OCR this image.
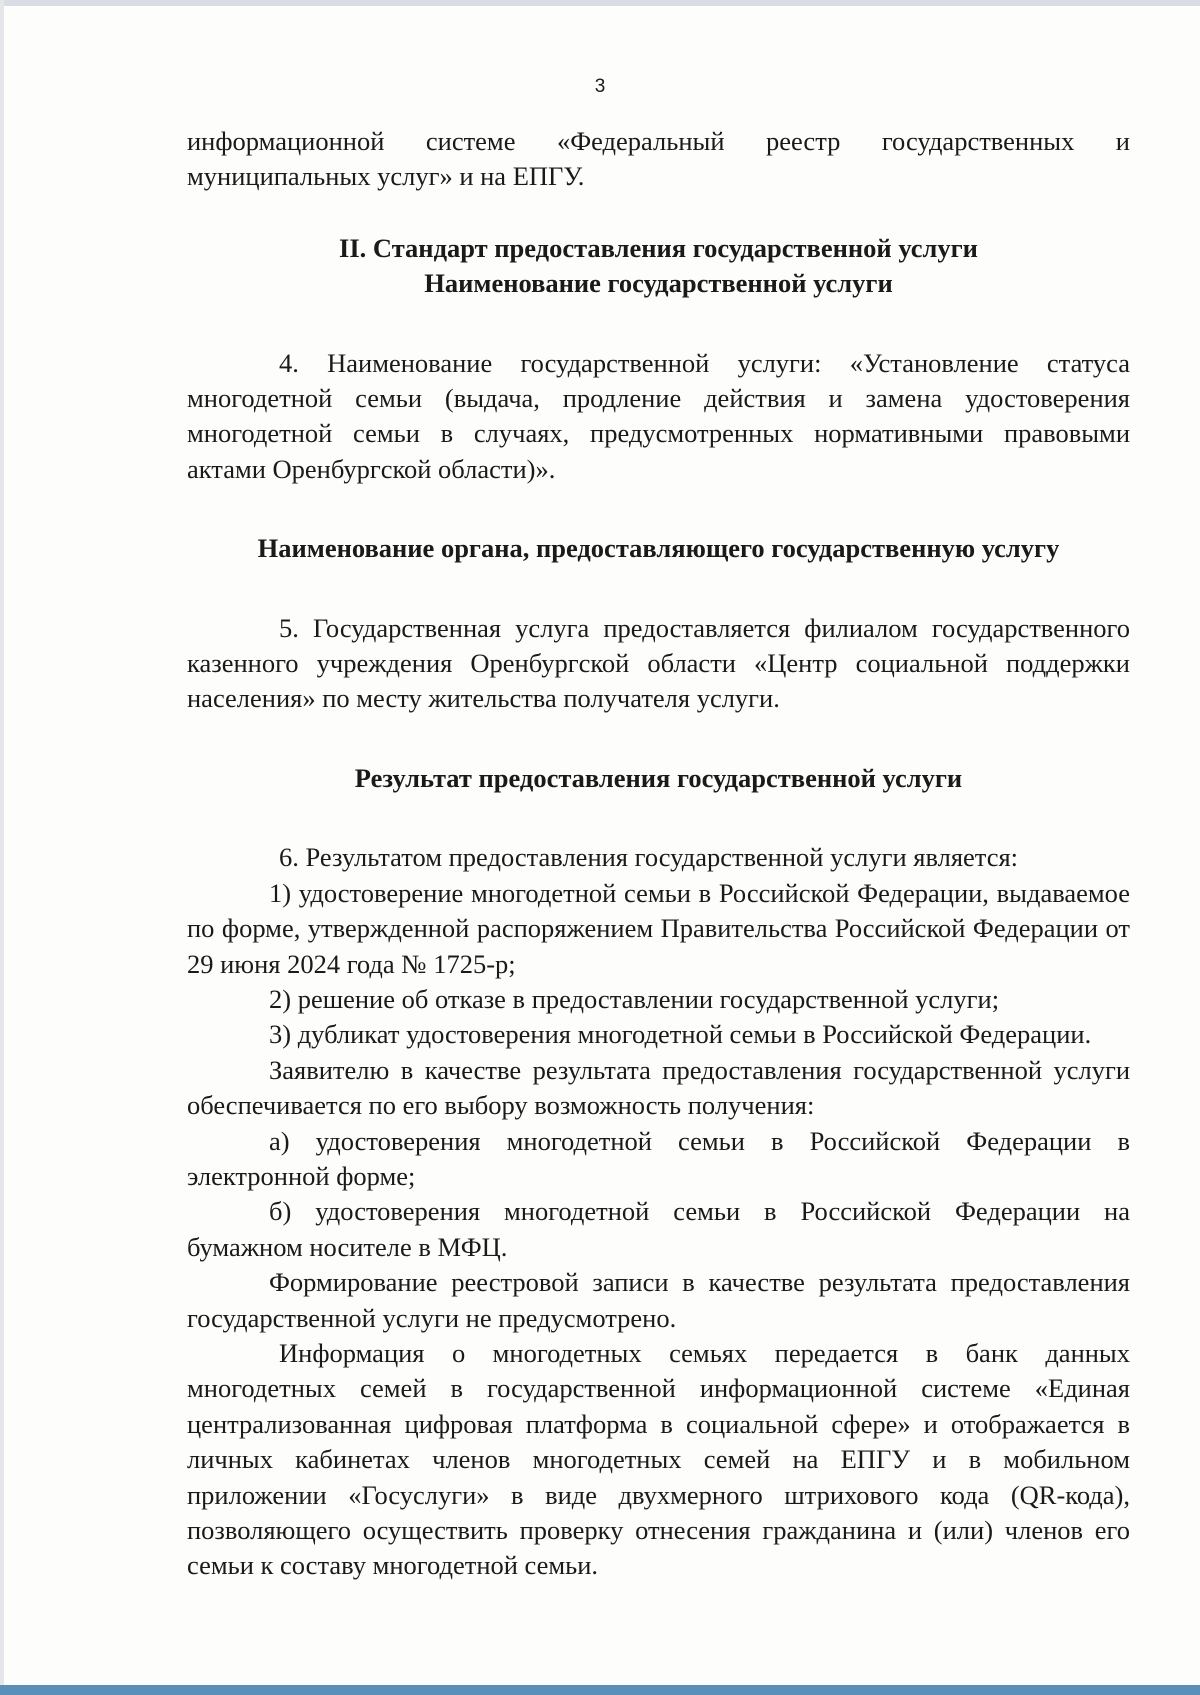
3

информационной системе «Федеральный реестр государственных и муниципальных услуг» и на ЕПГУ.

II. Стандарт предоставления государственной услуги

Наименование государственной услуги

4. Наименование государственной услуги: «Установление статуса многодетной семьи (выдача, продление действия и замена удостоверения многодетной семьи в случаях, предусмотренных нормативными правовыми актами Оренбургской области)».

Наименование органа, предоставляющего государственную услугу

5. Государственная услуга предоставляется филиалом государственного казенного учреждения Оренбургской области «Центр социальной поддержки населения» по месту жительства получателя услуги.

Результат предоставления государственной услуги

6. Результатом предоставления государственной услуги является:

1) удостоверение многодетной семьи в Российской Федерации, выдаваемое по форме, утвержденной распоряжением Правительства Российской Федерации от 29 июня 2024 года № 1725-р;

2) решение об отказе в предоставлении государственной услуги;

3) дубликат удостоверения многодетной семьи в Российской Федерации.

Заявителю в качестве результата предоставления государственной услуги обеспечивается по его выбору возможность получения:

а) удостоверения многодетной семьи в Российской Федерации в электронной форме;

б) удостоверения многодетной семьи в Российской Федерации на бумажном носителе в МФЦ.

Формирование реестровой записи в качестве результата предоставления государственной услуги не предусмотрено.

Информация о многодетных семьях передается в банк данных многодетных семей в государственной информационной системе «Единая централизованная цифровая платформа в социальной сфере» и отображается в личных кабинетах членов многодетных семей на ЕПГУ и в мобильном приложении «Госуслуги» в виде двухмерного штрихового кода (QR-кода), позволяющего осуществить проверку отнесения гражданина и (или) членов его семьи к составу многодетной семьи.
